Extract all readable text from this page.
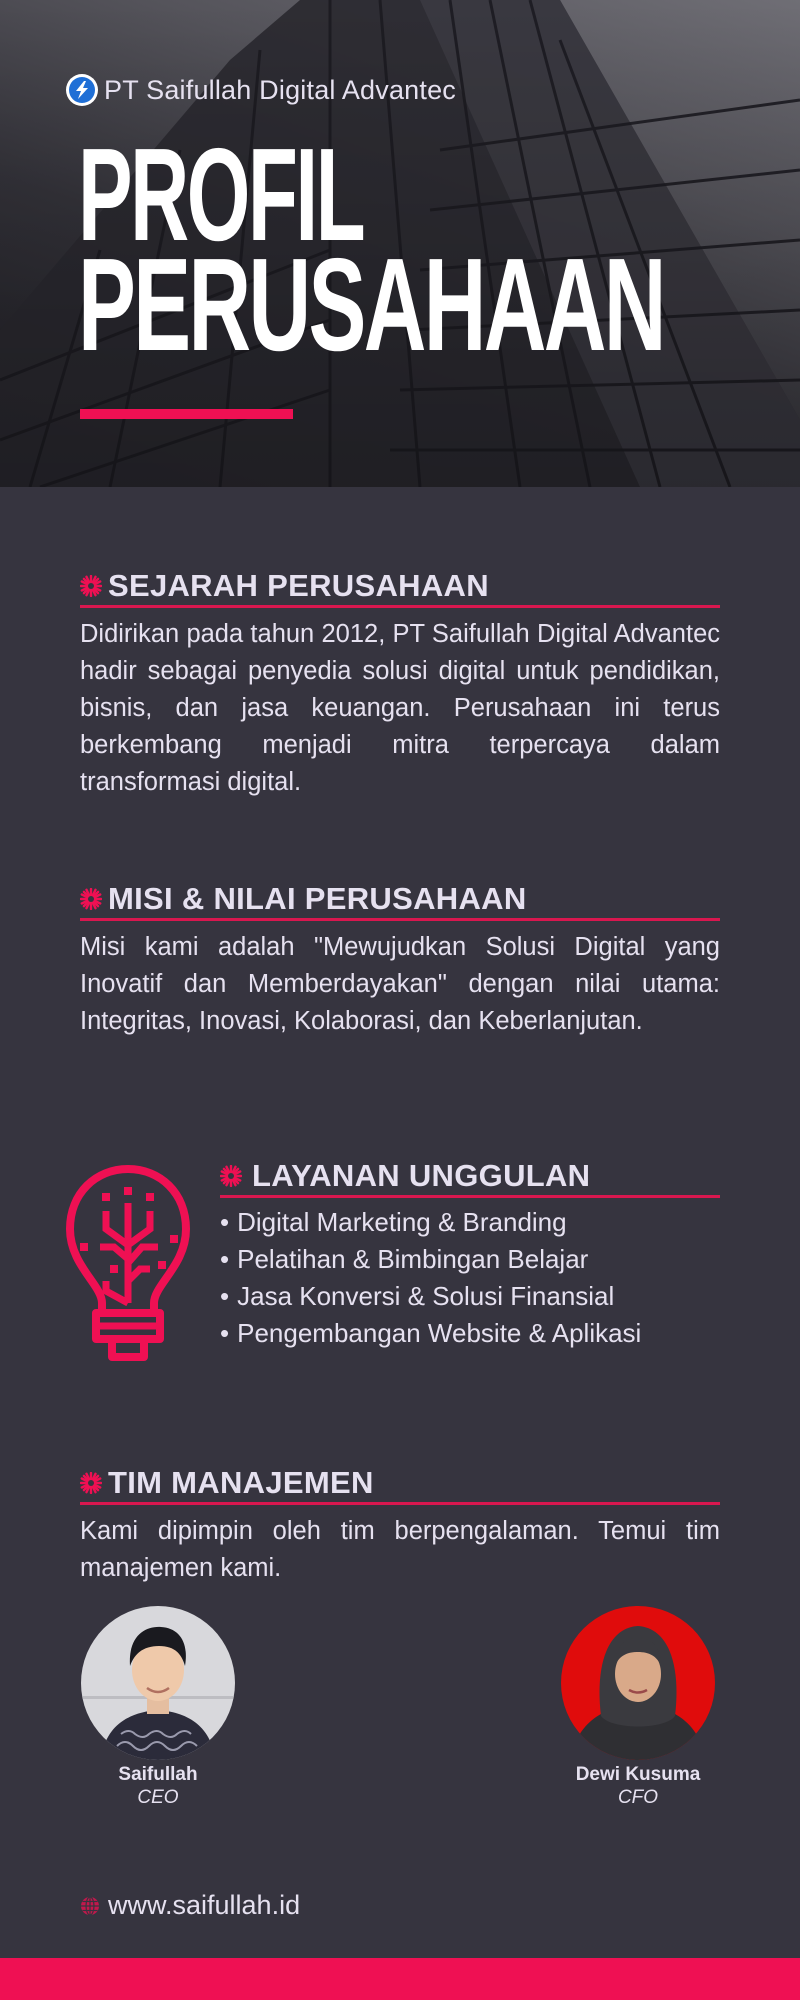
PT Saifullah Digital Advantec
PROFIL
PERUSAHAAN
SEJARAH PERUSAHAAN

Didirikan pada tahun 2012, PT Saifullah Digital Advantec hadir sebagai penyedia solusi digital untuk pendidikan, bisnis, dan jasa keuangan. Perusahaan ini terus berkembang menjadi mitra terpercaya dalam transformasi digital.

MISI & NILAI PERUSAHAAN

Misi kami adalah "Mewujudkan Solusi Digital yang Inovatif dan Memberdayakan" dengan nilai utama: Integritas, Inovasi, Kolaborasi, dan Keberlanjutan.

LAYANAN UNGGULAN
• Digital Marketing & Branding
• Pelatihan & Bimbingan Belajar
• Jasa Konversi & Solusi Finansial
• Pengembangan Website & Aplikasi
TIM MANAJEMEN

Kami dipimpin oleh tim berpengalaman. Temui tim manajemen kami.

Saifullah
CEO
Dewi Kusuma
CFO
www.saifullah.id
